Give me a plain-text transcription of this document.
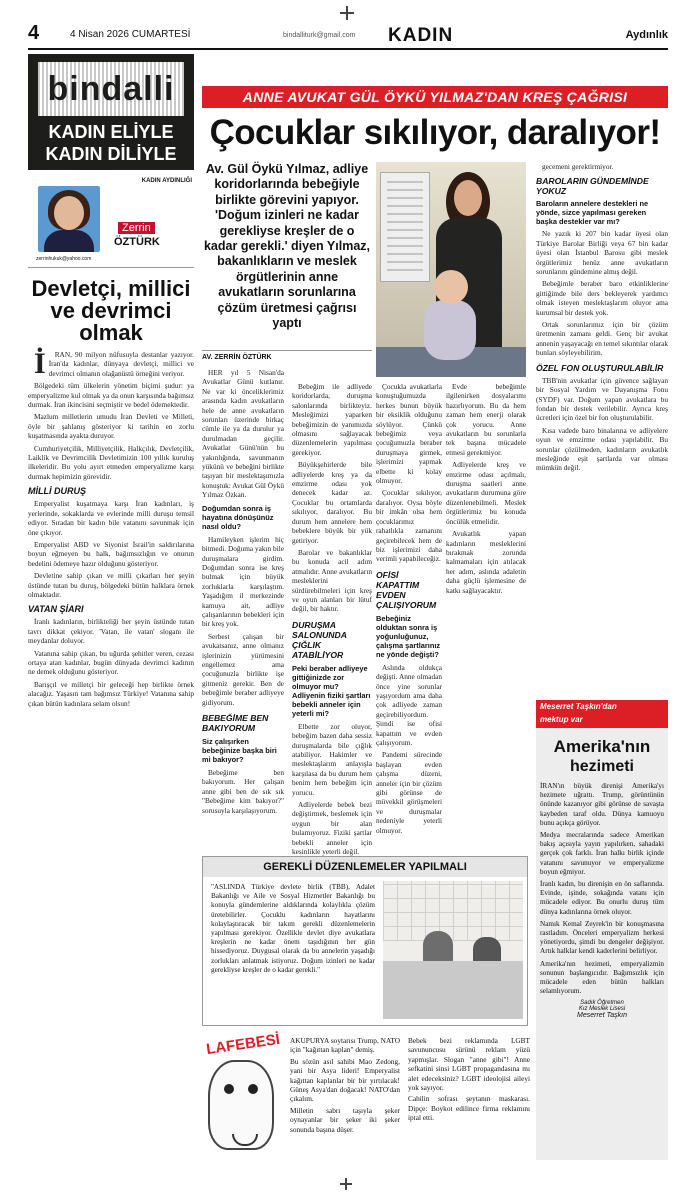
4	4 Nisan 2026 CUMARTESİ	bindalliturk@gmail.com KADIN	Aydınlık
bindalli
KADIN ELİYLE
KADIN DİLİYLE
KADIN AYDINLIĞI
Zerrin
ÖZTÜRK
zerrinhukuk@yahoo.com
Devletçi, millici ve devrimci olmak

İ RAN, 90 milyon nüfusuyla destanlar yazıyor. İran'da kadınlar, dünyaya devletçi, millici ve devrimci olmanın olağanüstü örneğini veriyor.

Bölgedeki tüm ülkelerin yönetim biçimi şudur: ya emperyalizme kul olmak ya da onun karşısında bağımsız durmak. İran ikincisini seçmiştir ve bedel ödemektedir.

Mazlum milletlerin umudu İran Devleti ve Milleti, öyle bir şahlanış gösteriyor ki tarihin en zorlu kuşatmasında ayakta duruyor.

Cumhuriyetçilik, Milliyetçilik, Halkçılık, Devletçilik, Laiklik ve Devrimcilik Devletimizin 100 yıllık kuruluş ilkeleridir. Bu yolu ayırt etmeden emperyalizme karşı durmak hepimizin görevidir.

MİLLİ DURUŞ

Emperyalist kuşatmaya karşı İran kadınları, iş yerlerinde, sokaklarda ve evlerinde milli duruşu temsil ediyor. Sıradan bir kadın bile vatanını savunmak için öne çıkıyor.

Emperyalist ABD ve Siyonist İsrail'in saldırılarına boyun eğmeyen bu halk, bağımsızlığın ve onurun bedelini ödemeye hazır olduğunu gösteriyor.

Devletine sahip çıkan ve milli çıkarları her şeyin üstünde tutan bu duruş, bölgedeki bütün halklara örnek olmaktadır.

VATAN ŞİARI

İranlı kadınların, birlikteliği her şeyin üstünde tutan tavrı dikkat çekiyor. 'Vatan, ile vatan' sloganı ile meydanlar doluyor.

Vatanına sahip çıkan, bu uğurda şehitler veren, cezası ortaya atan kadınlar, bugün dünyada devrimci kadının ne demek olduğunu gösteriyor.

Barışçıl ve milletçi bir geleceği hep birlikte örnek alacağız. Yaşasın tam bağımsız Türkiye! Vatanına sahip çıkan bütün kadınlara selam olsun!

ANNE AVUKAT GÜL ÖYKÜ YILMAZ'DAN KREŞ ÇAĞRISI
Çocuklar sıkılıyor, daralıyor!
Av. Gül Öykü Yılmaz, adliye koridorlarında bebeğiyle birlikte görevini yapıyor. 'Doğum izinleri ne kadar gerekliyse kreşler de o kadar gerekli.' diyen Yılmaz, bakanlıkların ve meslek örgütlerinin anne avukatların sorunlarına çözüm üretmesi çağrısı yaptı
AV. ZERRİN ÖZTÜRK

HER yıl 5 Nisan'da Avukatlar Günü kutlanır. Ne var ki önceliklerimiz arasında kadın avukatların hele de anne avukatların sorunları üzerinde birkaç cümle ile ya da durulur ya durulmadan geçilir. Avukatlar Günü'nün bu yakınlığında, savunmanın yükünü ve bebeğini birlikte taşıyan bir meslektaşımızla konuştuk: Avukat Gül Öykü Yılmaz Özkan.

Doğumdan sonra iş hayatına dönüşünüz nasıl oldu?

Hamileyken işlerim hiç bitmedi. Doğuma yakın bile duruşmalara girdim. Doğumdan sonra ise kreş bulmak için büyük zorluklarla karşılaştım. Yaşadığım il merkezinde kamuya ait, adliye çalışanlarının bebekleri için bir kreş yok.

Serbest çalışan bir avukatsanız, anne olmanız işlerinizin yürümesini engellemez ama çocuğunuzla birlikte işe gitmeniz gerekir. Ben de bebeğimle beraber adliyeye gidiyorum.

BEBEĞİME BEN BAKIYORUM
Siz çalışırken bebeğinize başka biri mi bakıyor?

Bebeğime ben bakıyorum. Her çalışan anne gibi ben de sık sık "Bebeğime kim bakıyor?" sorusuyla karşılaşıyorum.

Bebeğim ile adliyede koridorlarda, duruşma salonlarında birlikteyiz. Mesleğimizi yaparken bebeğimizin de yanımızda olmasını sağlayacak düzenlemelerin yapılması gerekiyor.

Büyükşehirlerde bile adliyelerde kreş ya da emzirme odası yok denecek kadar az. Çocuklar bu ortamlarda sıkılıyor, daralıyor. Bu durum hem annelere hem bebeklere büyük bir yük getiriyor.

Barolar ve bakanlıklar bu konuda acil adım atmalıdır. Anne avukatların mesleklerini sürdürebilmeleri için kreş ve oyun alanları bir lütuf değil, bir haktır.

DURUŞMA SALONUNDA ÇIĞLIK ATABİLİYOR
Peki beraber adliyeye gittiğinizde zor olmuyor mu? Adliyenin fiziki şartları bebekli anneler için yeterli mi?

Elbette zor oluyor, bebeğim bazen daha sessiz duruşmalarda bile çığlık atabiliyor. Hakimler ve meslektaşlarım anlayışla karşılasa da bu durum hem benim hem bebeğim için yorucu.

Adliyelerde bebek bezi değiştirmek, beslemek için uygun bir alan bulamıyoruz. Fiziki şartlar bebekli anneler için kesinlikle yeterli değil.

Çocukla avukatlarla konuştuğumuzda herkes bunun büyük bir eksiklik olduğunu söylüyor. Çünkü bebeğimiz veya çocuğumuzla beraber duruşmaya girmek, işlerimizi yapmak elbette ki kolay olmuyor.

Çocuklar sıkılıyor, daralıyor. Oysa böyle bir imkân olsa hem çocuklarımız rahatlıkla zamanını geçirebilecek hem de biz işlerimizi daha verimli yapabileceğiz.

OFİSİ KAPATTIM EVDEN ÇALIŞIYORUM
Bebeğiniz olduktan sonra iş yoğunluğunuz, çalışma şartlarınız ne yönde değişti?

Aslında oldukça değişti. Anne olmadan önce yine sorunlar yaşıyordum ama daha çok adliyede zaman geçirebiliyordum. Şimdi ise ofisi kapattım ve evden çalışıyorum.

Pandemi sürecinde başlayan evden çalışma düzeni, anneler için bir çözüm gibi görünse de müvekkil görüşmeleri ve duruşmalar nedeniyle yeterli olmuyor.

Evde bebeğimle ilgilenirken dosyalarımı hazırlıyorum. Bu da hem zaman hem enerji olarak çok yorucu. Anne avukatların bu sorunlarla tek başına mücadele etmesi gerekmiyor.

Adliyelerde kreş ve emzirme odası açılmalı, duruşma saatleri anne avukatların durumuna göre düzenlenebilmeli. Meslek örgütlerimiz bu konuda öncülük etmelidir.

Avukatlık yapan kadınların mesleklerini bırakmak zorunda kalmamaları için atılacak her adım, aslında adaletin daha güçlü işlemesine de katkı sağlayacaktır.

gecemeni gerektirmiyor.

BAROLARIN GÜNDEMİNDE YOKUZ
Baroların annelere destekleri ne yönde, sizce yapılması gereken başka destekler var mı?

Ne yazık ki 207 bin kadar üyesi olan Türkiye Barolar Birliği veya 67 bin kadar üyesi olan İstanbul Barosu gibi meslek örgütlerimiz henüz anne avukatların sorunlarını gündemine almış değil.

Bebeğimle beraber baro etkinliklerine gittiğimde bile ders bekleyerek yardımcı olmak isteyen meslektaşlarım oluyor ama kurumsal bir destek yok.

Ortak sorunlarımız için bir çözüm üretmenin zamanı geldi. Genç bir avukat annenin yaşayacağı en temel sıkıntılar olarak bunları söyleyebilirim.

ÖZEL FON OLUŞTURULABİLİR

TBB'nin avukatlar için güvence sağlayan bir Sosyal Yardım ve Dayanışma Fonu (SYDF) var. Doğum yapan avukatlara bu fondan bir destek verilebilir. Ayrıca kreş ücretleri için özel bir fon oluşturulabilir.

Kısa vadede baro binalarına ve adliyelere oyun ve emzirme odası yapılabilir. Bu sorunlar çözülmeden, kadınların avukatlık mesleğinde eşit şartlarda var olması mümkün değil.

Meserret Taşkın'dan
mektup var
Amerika'nın
hezimeti

İRAN'ın büyük direnişi Amerika'yı hezimete uğrattı. Trump, görüntünün önünde kazanıyor gibi görünse de savaşta kaybeden taraf oldu. Dünya kamuoyu bunu açıkça görüyor.

Medya mecralarında sadece Amerikan bakış açısıyla yayın yapılırken, sahadaki gerçek çok farklı. İran halkı birlik içinde vatanını savunuyor ve emperyalizme boyun eğmiyor.

İranlı kadın, bu direnişin en ön saflarında. Evinde, işinde, sokağında vatanı için mücadele ediyor. Bu onurlu duruş tüm dünya kadınlarına örnek oluyor.

Namık Kemal Zeyrek'in bir konuşmasına rastladım. Önceleri emperyalizm herkesi yönetiyordu, şimdi bu dengeler değişiyor. Artık halklar kendi kaderlerini belirliyor.

Amerika'nın hezimeti, emperyalizmin sonunun başlangıcıdır. Bağımsızlık için mücadele eden bütün halkları selamlıyorum.

Sadık Öğretmen
Kız Meslek Lisesi
Meserret Taşkın
GEREKLİ DÜZENLEMELER YAPILMALI

"ASLINDA Türkiye devlete birlik (TBB), Adalet Bakanlığı ve Aile ve Sosyal Hizmetler Bakanlığı bu konuyla gündemlerine aldıklarında kolaylıkla çözüm üretebilirler. Çocuklu kadınların hayatlarını kolaylaştıracak bir takım gerekli düzenlemelerin yapılması gerekiyor. Özellikle devlet diye avukatlara kreşlerin ne kadar önem taşıdığının her gün hissediyoruz. Duygusal olarak da bu annelerin yaşadığı zorlukları anlatmak istiyoruz. Doğum izinleri ne kadar gerekliyse kreşler de o kadar gerekli."

LAFEBESİ AKUPURYA soytarısı Trump, NATO için "kağıttan kaplan" demiş.

Bu sözün asıl sahibi Mao Zedong, yani bir Asya lideri! Emperyalist kağıttan kaplanlar bir bir yırtılacak! Güneş Asya'dan doğacak! NATO'dan çıkalım.

Milletin sabrı taşıyla şeker oynayanlar bir şeker iki şeker sonunda başına düşer.

Bebek bezi reklamında LGBT savununcusu sürünü reklam yüzü yapmışlar. Slogan "anne gibi"! Anne sefkatini sinsi LGBT propagandasına mı alet edeceksiniz? LGBT ideolojisi aileyi yok sayıyor.

Cahilin sofrası şeytanın maskarası. Dipçe: Boykot edilince firma reklamını iptal etti.
